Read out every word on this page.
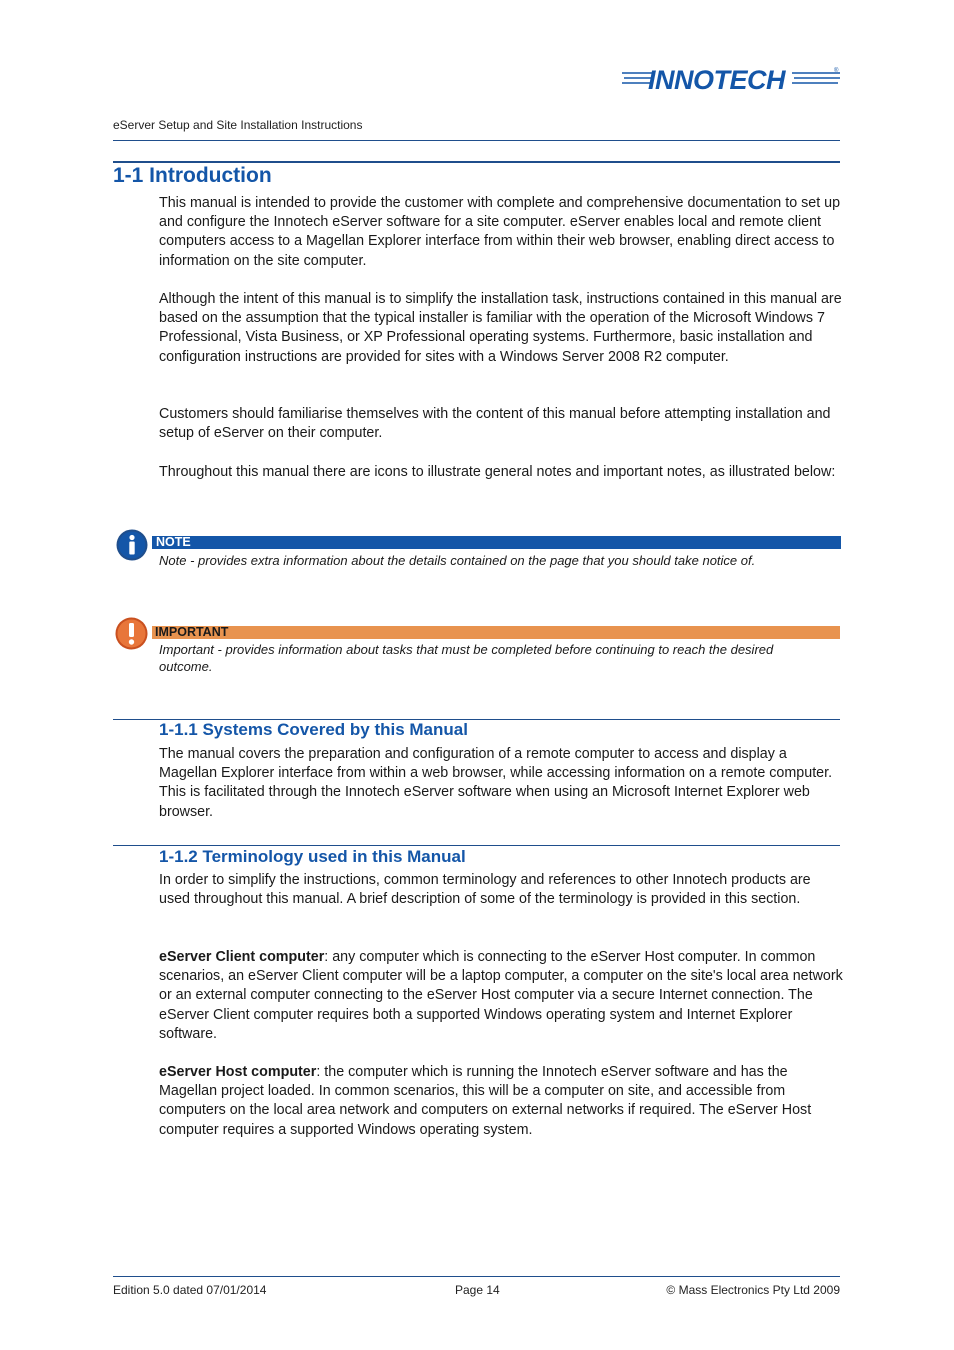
INNOTECH	®
eServer Setup and Site Installation Instructions
1-1 Introduction

This manual is intended to provide the customer with complete and comprehensive documentation to set up and configure the Innotech eServer software for a site computer. eServer enables local and remote client computers access to a Magellan Explorer interface from within their web browser, enabling direct access to information on the site computer.

Although the intent of this manual is to simplify the installation task, instructions contained in this manual are based on the assumption that the typical installer is familiar with the operation of the Microsoft Windows 7 Professional, Vista Business, or XP Professional operating systems. Furthermore, basic installation and configuration instructions are provided for sites with a Windows Server 2008 R2 computer.

Customers should familiarise themselves with the content of this manual before attempting installation and setup of eServer on their computer.

Throughout this manual there are icons to illustrate general notes and important notes, as illustrated below:

NOTE
Note - provides extra information about the details contained on the page that you should take notice of.
IMPORTANT
Important - provides information about tasks that must be completed before continuing to reach the desired outcome.
1-1.1 Systems Covered by this Manual

The manual covers the preparation and configuration of a remote computer to access and display a Magellan Explorer interface from within a web browser, while accessing information on a remote computer. This is facilitated through the Innotech eServer software when using an Microsoft Internet Explorer web browser.

1-1.2 Terminology used in this Manual

In order to simplify the instructions, common terminology and references to other Innotech products are used throughout this manual. A brief description of some of the terminology is provided in this section.

eServer Client computer: any computer which is connecting to the eServer Host computer. In common scenarios, an eServer Client computer will be a laptop computer, a computer on the site's local area network or an external computer connecting to the eServer Host computer via a secure Internet connection. The eServer Client computer requires both a supported Windows operating system and Internet Explorer software.

eServer Host computer: the computer which is running the Innotech eServer software and has the Magellan project loaded. In common scenarios, this will be a computer on site, and accessible from computers on the local area network and computers on external networks if required. The eServer Host computer requires a supported Windows operating system.

Edition 5.0 dated 07/01/2014	Page 14	© Mass Electronics Pty Ltd 2009
